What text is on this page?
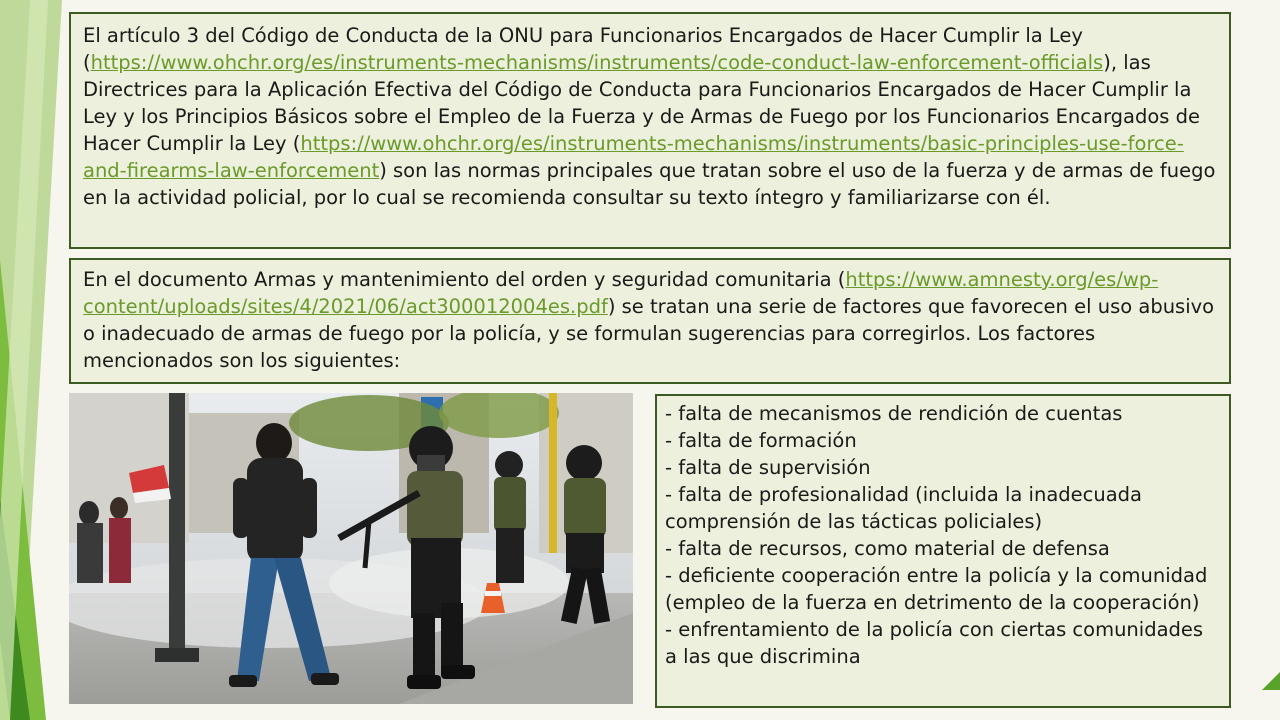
El artículo 3 del Código de Conducta de la ONU para Funcionarios Encargados de Hacer Cumplir la Ley (https://www.ohchr.org/es/instruments-mechanisms/instruments/code-conduct-law-enforcement-officials), las Directrices para la Aplicación Efectiva del Código de Conducta para Funcionarios Encargados de Hacer Cumplir la Ley y los Principios Básicos sobre el Empleo de la Fuerza y de Armas de Fuego por los Funcionarios Encargados de Hacer Cumplir la Ley (https://www.ohchr.org/es/instruments-mechanisms/instruments/basic-principles-use-force-and-firearms-law-enforcement) son las normas principales que tratan sobre el uso de la fuerza y de armas de fuego en la actividad policial, por lo cual se recomienda consultar su texto íntegro y familiarizarse con él.

En el documento Armas y mantenimiento del orden y seguridad comunitaria (https://www.amnesty.org/es/wp-content/uploads/sites/4/2021/06/act300012004es.pdf) se tratan una serie de factores que favorecen el uso abusivo o inadecuado de armas de fuego por la policía, y se formulan sugerencias para corregirlos. Los factores mencionados son los siguientes:

- falta de mecanismos de rendición de cuentas
- falta de formación
- falta de supervisión
- falta de profesionalidad (incluida la inadecuada comprensión de las tácticas policiales)
- falta de recursos, como material de defensa
- deficiente cooperación entre la policía y la comunidad (empleo de la fuerza en detrimento de la cooperación)
- enfrentamiento de la policía con ciertas comunidades a las que discrimina
